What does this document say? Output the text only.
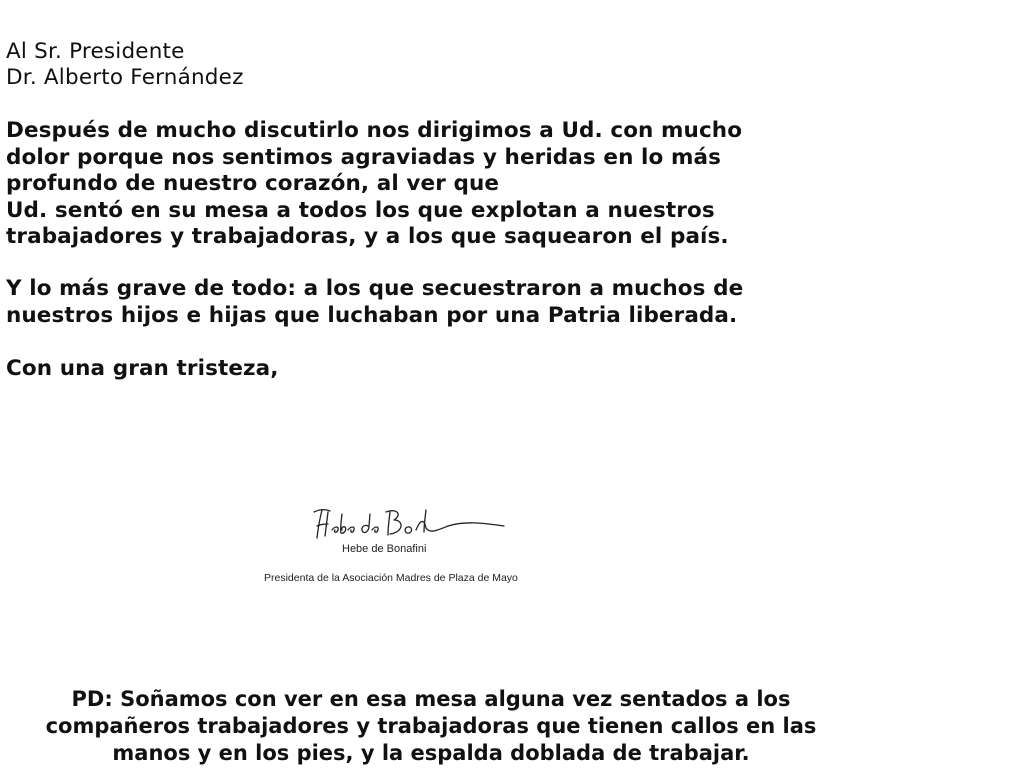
Al Sr. Presidente
Dr. Alberto Fernández
Después de mucho discutirlo nos dirigimos a Ud. con mucho
dolor porque nos sentimos agraviadas y heridas en lo más
profundo de nuestro corazón, al ver que
Ud. sentó en su mesa a todos los que explotan a nuestros
trabajadores y trabajadoras, y a los que saquearon el país.
Y lo más grave de todo: a los que secuestraron a muchos de
nuestros hijos e hijas que luchaban por una Patria liberada.
Con una gran tristeza,
Hebe de Bonafini
Presidenta de la Asociación Madres de Plaza de Mayo
PD: Soñamos con ver en esa mesa alguna vez sentados a los
compañeros trabajadores y trabajadoras que tienen callos en las
manos y en los pies, y la espalda doblada de trabajar.
